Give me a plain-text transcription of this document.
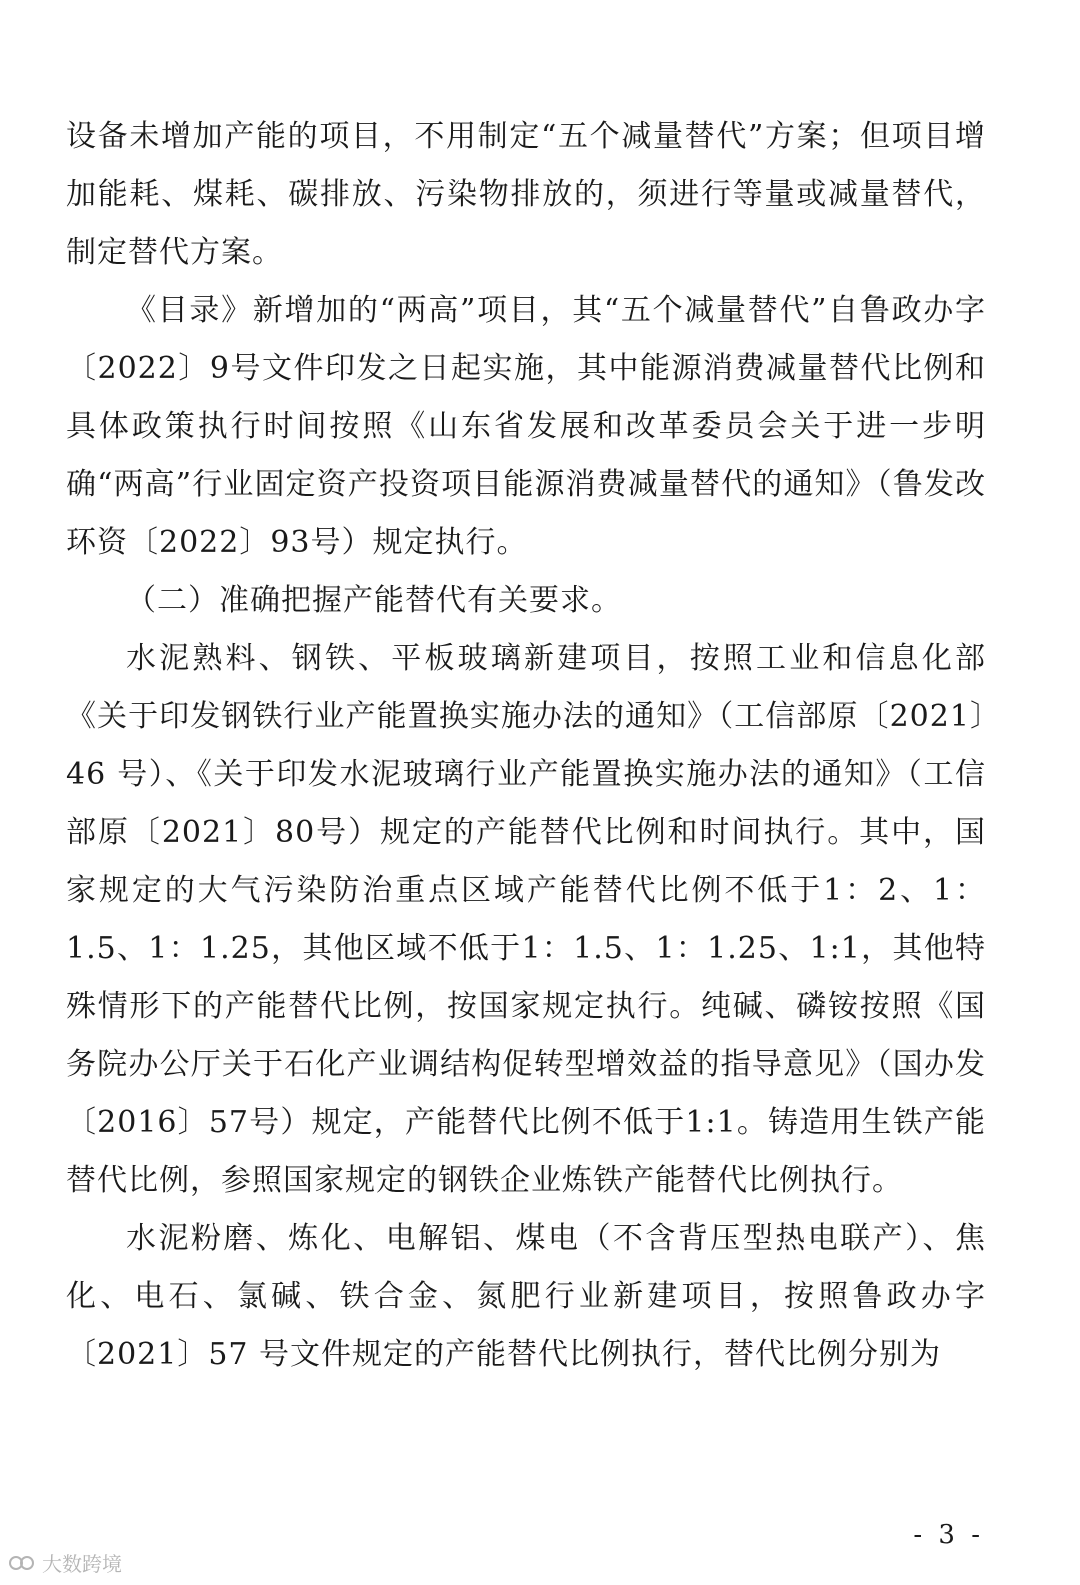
设备未增加产能的项目，不用制定“五个减量替代”方案；但项目增加能耗、煤耗、碳排放、污染物排放的，须进行等量或减量替代，制定替代方案。

《目录》新增加的“两高”项目，其“五个减量替代”自鲁政办字〔2022〕9号文件印发之日起实施，其中能源消费减量替代比例和具体政策执行时间按照《山东省发展和改革委员会关于进一步明确“两高”行业固定资产投资项目能源消费减量替代的通知》（鲁发改环资〔2022〕93号）规定执行。

（二）准确把握产能替代有关要求。

水泥熟料、钢铁、平板玻璃新建项目，按照工业和信息化部《关于印发钢铁行业产能置换实施办法的通知》（工信部原〔2021〕46 号）、《关于印发水泥玻璃行业产能置换实施办法的通知》（工信部原〔2021〕80号）规定的产能替代比例和时间执行。其中，国家规定的大气污染防治重点区域产能替代比例不低于1：2、1：1.5、1：1.25，其他区域不低于1：1.5、1：1.25、1:1，其他特殊情形下的产能替代比例，按国家规定执行。纯碱、磷铵按照《国务院办公厅关于石化产业调结构促转型增效益的指导意见》（国办发〔2016〕57号）规定，产能替代比例不低于1:1。铸造用生铁产能替代比例，参照国家规定的钢铁企业炼铁产能替代比例执行。

水泥粉磨、炼化、电解铝、煤电（不含背压型热电联产）、焦化、电石、氯碱、铁合金、氮肥行业新建项目，按照鲁政办字〔2021〕57 号文件规定的产能替代比例执行，替代比例分别为

- 3 -
大数跨境
